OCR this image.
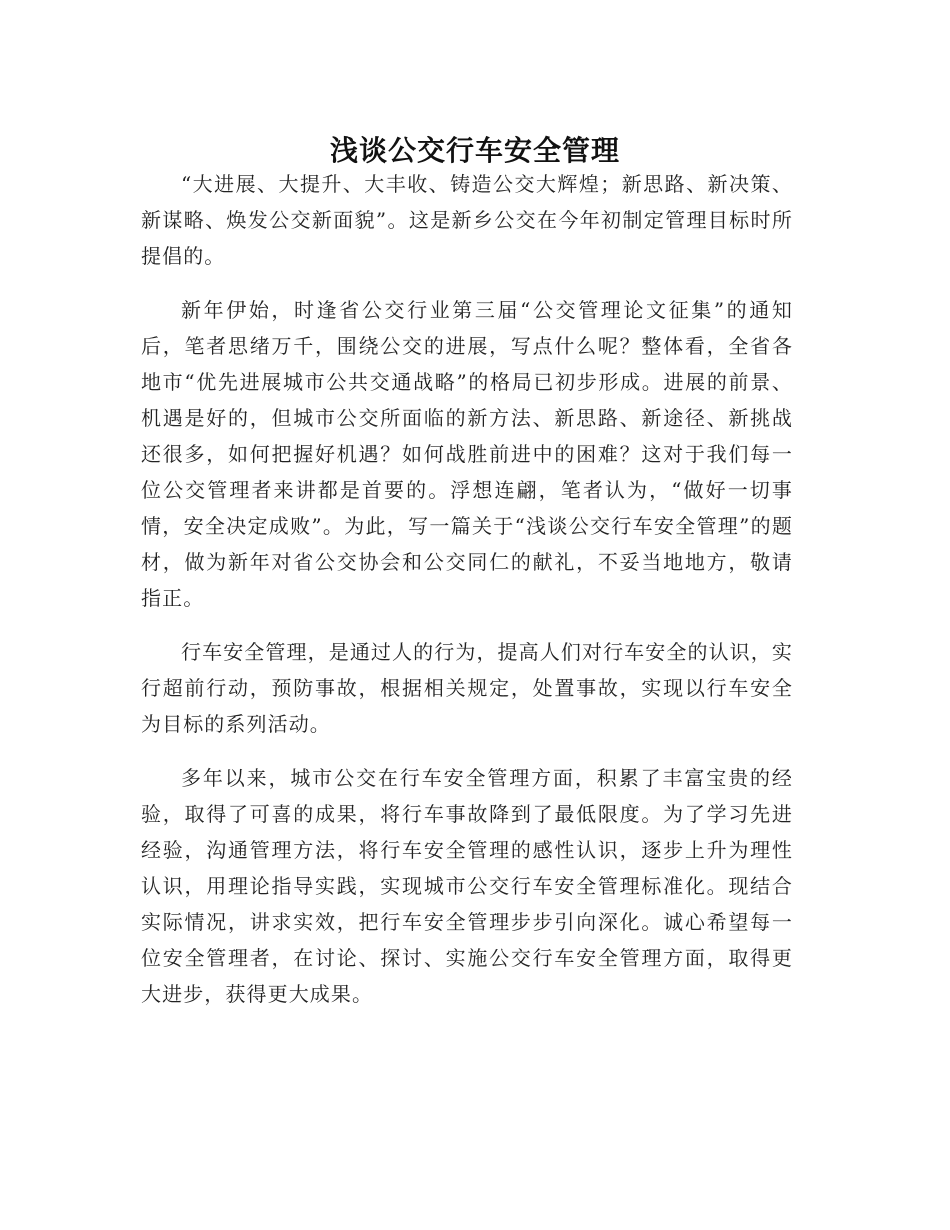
浅谈公交行车安全管理

“大进展、大提升、大丰收、铸造公交大辉煌；新思路、新决策、新谋略、焕发公交新面貌”。这是新乡公交在今年初制定管理目标时所提倡的。

新年伊始，时逢省公交行业第三届“公交管理论文征集”的通知后，笔者思绪万千，围绕公交的进展，写点什么呢？整体看，全省各地市“优先进展城市公共交通战略”的格局已初步形成。进展的前景、机遇是好的，但城市公交所面临的新方法、新思路、新途径、新挑战还很多，如何把握好机遇？如何战胜前进中的困难？这对于我们每一位公交管理者来讲都是首要的。浮想连翩，笔者认为，“做好一切事情，安全决定成败”。为此，写一篇关于“浅谈公交行车安全管理”的题材，做为新年对省公交协会和公交同仁的献礼，不妥当地地方，敬请指正。

行车安全管理，是通过人的行为，提高人们对行车安全的认识，实行超前行动，预防事故，根据相关规定，处置事故，实现以行车安全为目标的系列活动。

多年以来，城市公交在行车安全管理方面，积累了丰富宝贵的经验，取得了可喜的成果，将行车事故降到了最低限度。为了学习先进经验，沟通管理方法，将行车安全管理的感性认识，逐步上升为理性认识，用理论指导实践，实现城市公交行车安全管理标准化。现结合实际情况，讲求实效，把行车安全管理步步引向深化。诚心希望每一位安全管理者，在讨论、探讨、实施公交行车安全管理方面，取得更大进步，获得更大成果。
